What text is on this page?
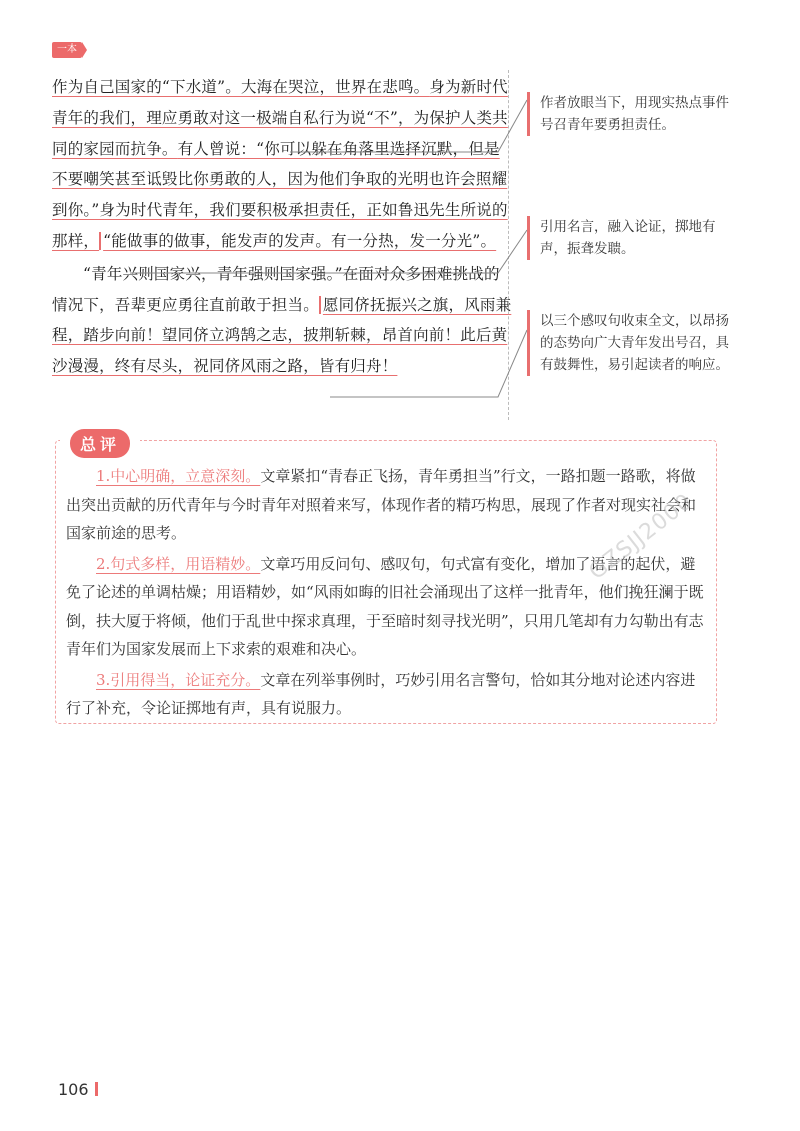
一本

作为自己国家的“下水道”。大海在哭泣，世界在悲鸣。身为新时代青年的我们，理应勇敢对这一极端自私行为说“不”，为保护人类共同的家园而抗争。有人曾说：“你可以躲在角落里选择沉默，但是不要嘲笑甚至诋毁比你勇敢的人，因为他们争取的光明也许会照耀到你。”身为时代青年，我们要积极承担责任，正如鲁迅先生所说的那样， “能做事的做事，能发声的发声。有一分热，发一分光”。

“青年兴则国家兴，青年强则国家强。”在面对众多困难挑战的情况下，吾辈更应勇往直前敢于担当。 愿同侪抚振兴之旗，风雨兼程，踏步向前！望同侪立鸿鹄之志，披荆斩棘，昂首向前！此后黄沙漫漫，终有尽头，祝同侪风雨之路，皆有归舟！

作者放眼当下，用现实热点事件号召青年要勇担责任。
引用名言，融入论证，掷地有声，振聋发聩。
以三个感叹句收束全文，以昂扬的态势向广大青年发出号召，具有鼓舞性，易引起读者的响应。
总评

1.中心明确，立意深刻。文章紧扣“青春正飞扬，青年勇担当”行文，一路扣题一路歌，将做出突出贡献的历代青年与今时青年对照着来写，体现作者的精巧构思，展现了作者对现实社会和国家前途的思考。

2.句式多样，用语精妙。文章巧用反问句、感叹句，句式富有变化，增加了语言的起伏，避免了论述的单调枯燥；用语精妙，如“风雨如晦的旧社会涌现出了这样一批青年，他们挽狂澜于既倒，扶大厦于将倾，他们于乱世中探求真理，于至暗时刻寻找光明”，只用几笔却有力勾勒出有志青年们为国家发展而上下求索的艰难和决心。

3.引用得当，论证充分。文章在列举事例时，巧妙引用名言警句，恰如其分地对论述内容进行了补充，令论证掷地有声，具有说服力。

GZSJJ2000
106
